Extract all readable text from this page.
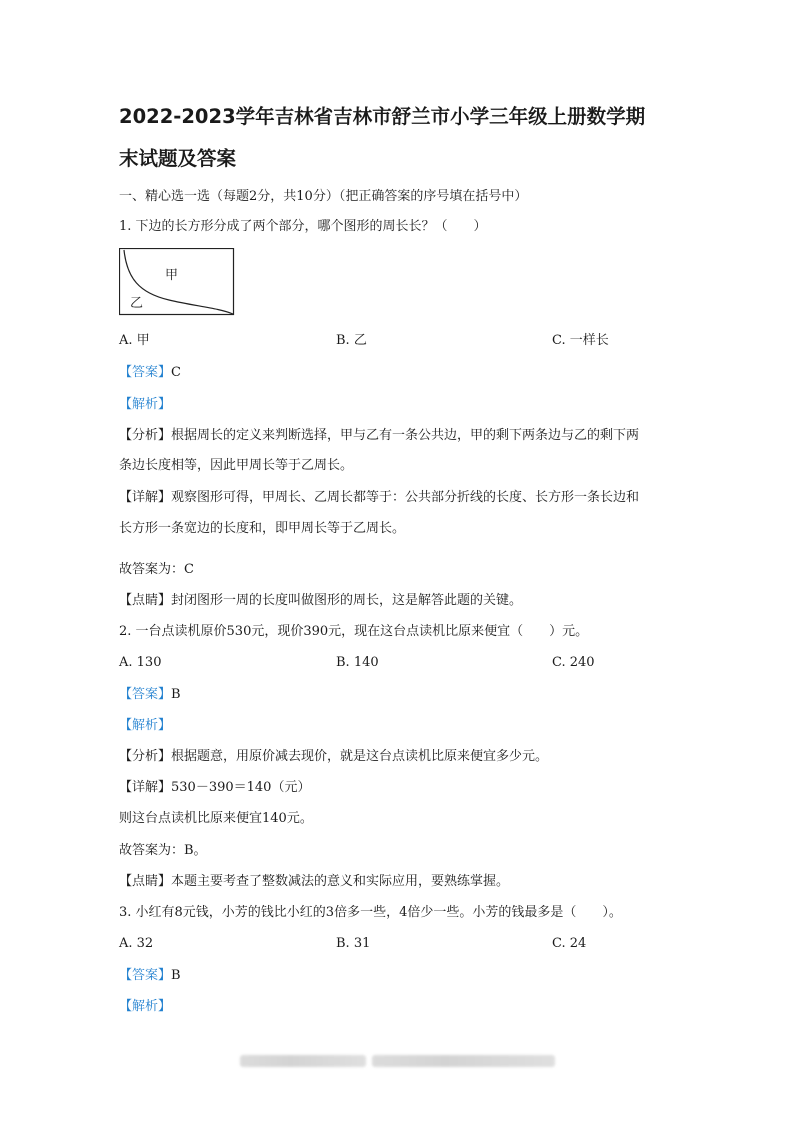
2022-2023学年吉林省吉林市舒兰市小学三年级上册数学期
末试题及答案
一、精心选一选（每题2分，共10分）（把正确答案的序号填在括号中）
1. 下边的长方形分成了两个部分，哪个图形的周长长？（　　）
甲
乙
A. 甲	B. 乙	C. 一样长
【答案】C
【解析】
【分析】根据周长的定义来判断选择，甲与乙有一条公共边，甲的剩下两条边与乙的剩下两
条边长度相等，因此甲周长等于乙周长。
【详解】观察图形可得，甲周长、乙周长都等于：公共部分折线的长度、长方形一条长边和
长方形一条宽边的长度和，即甲周长等于乙周长。
故答案为：C
【点睛】封闭图形一周的长度叫做图形的周长，这是解答此题的关键。
2. 一台点读机原价530元，现价390元，现在这台点读机比原来便宜（　　）元。
A. 130	B. 140	C. 240
【答案】B
【解析】
【分析】根据题意，用原价减去现价，就是这台点读机比原来便宜多少元。
【详解】530－390＝140（元）
则这台点读机比原来便宜140元。
故答案为：B。
【点睛】本题主要考查了整数减法的意义和实际应用，要熟练掌握。
3. 小红有8元钱，小芳的钱比小红的3倍多一些，4倍少一些。小芳的钱最多是（　　）。
A. 32	B. 31	C. 24
【答案】B
【解析】
